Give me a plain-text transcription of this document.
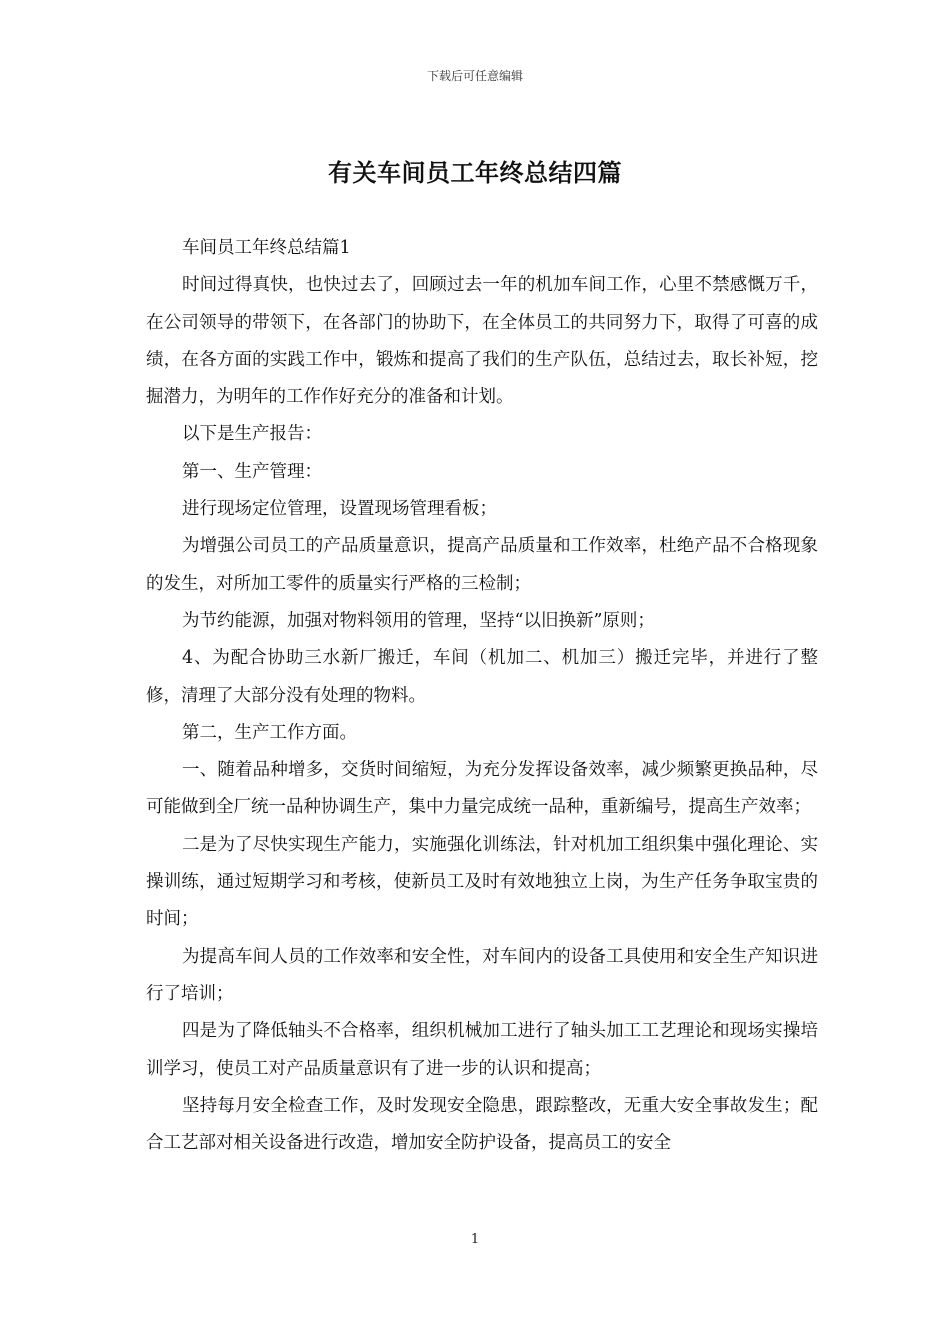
下载后可任意编辑
有关车间员工年终总结四篇

车间员工年终总结篇1

时间过得真快，也快过去了，回顾过去一年的机加车间工作，心里不禁感慨万千，在公司领导的带领下，在各部门的协助下，在全体员工的共同努力下，取得了可喜的成绩，在各方面的实践工作中，锻炼和提高了我们的生产队伍，总结过去，取长补短，挖掘潜力，为明年的工作作好充分的准备和计划。

以下是生产报告：

第一、生产管理：

进行现场定位管理，设置现场管理看板；

为增强公司员工的产品质量意识，提高产品质量和工作效率，杜绝产品不合格现象的发生，对所加工零件的质量实行严格的三检制；

为节约能源，加强对物料领用的管理，坚持“以旧换新”原则；

4、为配合协助三水新厂搬迁，车间（机加二、机加三）搬迁完毕，并进行了整修，清理了大部分没有处理的物料。

第二，生产工作方面。

一、随着品种增多，交货时间缩短，为充分发挥设备效率，减少频繁更换品种，尽可能做到全厂统一品种协调生产，集中力量完成统一品种，重新编号，提高生产效率；

二是为了尽快实现生产能力，实施强化训练法，针对机加工组织集中强化理论、实操训练，通过短期学习和考核，使新员工及时有效地独立上岗，为生产任务争取宝贵的时间；

为提高车间人员的工作效率和安全性，对车间内的设备工具使用和安全生产知识进行了培训；

四是为了降低轴头不合格率，组织机械加工进行了轴头加工工艺理论和现场实操培训学习，使员工对产品质量意识有了进一步的认识和提高；

坚持每月安全检查工作，及时发现安全隐患，跟踪整改，无重大安全事故发生；配合工艺部对相关设备进行改造，增加安全防护设备，提高员工的安全

1
